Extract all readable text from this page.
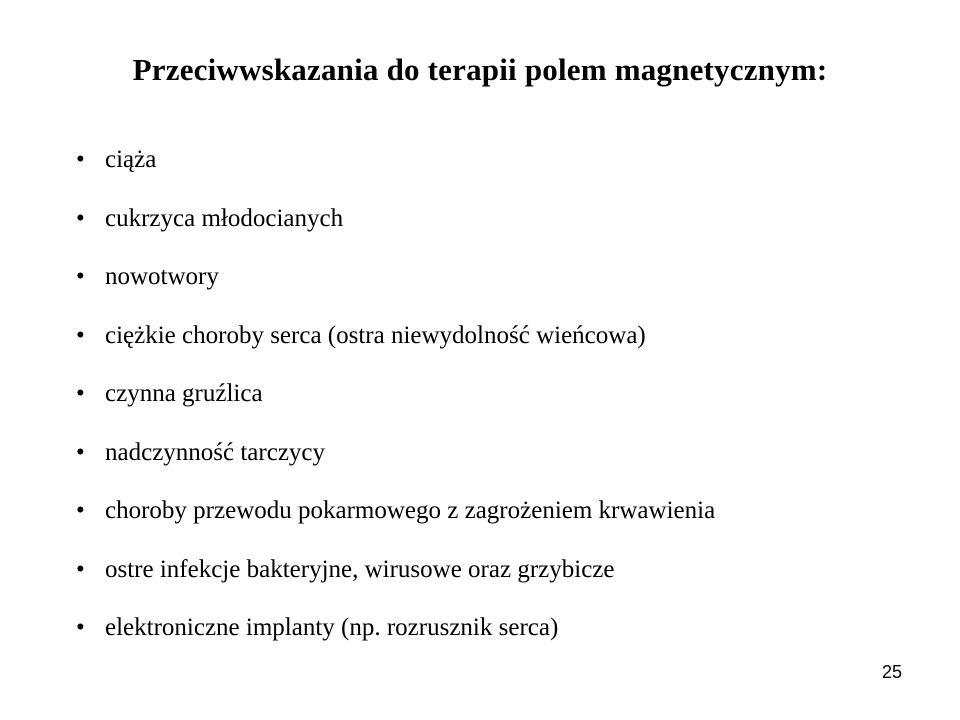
Przeciwwskazania do terapii polem magnetycznym:
• ciąża
• cukrzyca młodocianych
• nowotwory
• ciężkie choroby serca (ostra niewydolność wieńcowa)
• czynna gruźlica
• nadczynność tarczycy
• choroby przewodu pokarmowego z zagrożeniem krwawienia
• ostre infekcje bakteryjne, wirusowe oraz grzybicze
• elektroniczne implanty (np. rozrusznik serca)
25
